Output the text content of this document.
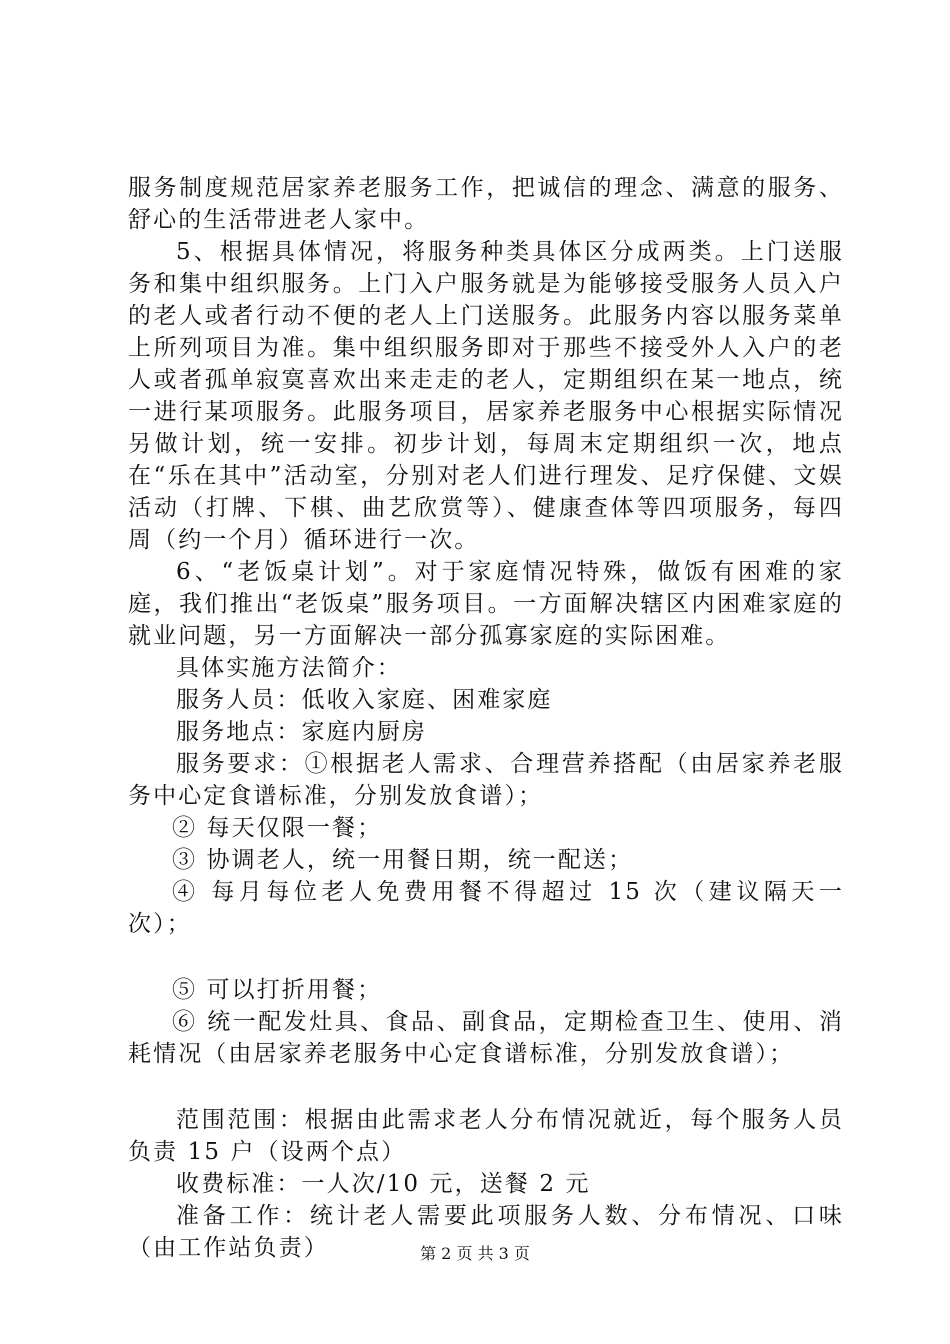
服务制度规范居家养老服务工作，把诚信的理念、满意的服务、舒心的生活带进老人家中。

5、根据具体情况，将服务种类具体区分成两类。上门送服务和集中组织服务。上门入户服务就是为能够接受服务人员入户的老人或者行动不便的老人上门送服务。此服务内容以服务菜单上所列项目为准。集中组织服务即对于那些不接受外人入户的老人或者孤单寂寞喜欢出来走走的老人，定期组织在某一地点，统一进行某项服务。此服务项目，居家养老服务中心根据实际情况另做计划，统一安排。初步计划，每周末定期组织一次，地点在“乐在其中”活动室，分别对老人们进行理发、足疗保健、文娱活动（打牌、下棋、曲艺欣赏等）、健康查体等四项服务，每四周（约一个月）循环进行一次。

6、“老饭桌计划”。对于家庭情况特殊，做饭有困难的家庭，我们推出“老饭桌”服务项目。一方面解决辖区内困难家庭的就业问题，另一方面解决一部分孤寡家庭的实际困难。

具体实施方法简介：

服务人员：低收入家庭、困难家庭

服务地点：家庭内厨房

服务要求：①根据老人需求、合理营养搭配（由居家养老服务中心定食谱标准，分别发放食谱）；

② 每天仅限一餐；

③ 协调老人，统一用餐日期，统一配送；

④ 每月每位老人免费用餐不得超过 15 次（建议隔天一次）；

⑤ 可以打折用餐；

⑥ 统一配发灶具、食品、副食品，定期检查卫生、使用、消耗情况（由居家养老服务中心定食谱标准，分别发放食谱）；

范围范围：根据由此需求老人分布情况就近，每个服务人员负责 15 户（设两个点）

收费标准：一人次/10 元，送餐 2 元

准备工作：统计老人需要此项服务人数、分布情况、口味（由工作站负责）	第 2 页 共 3 页
